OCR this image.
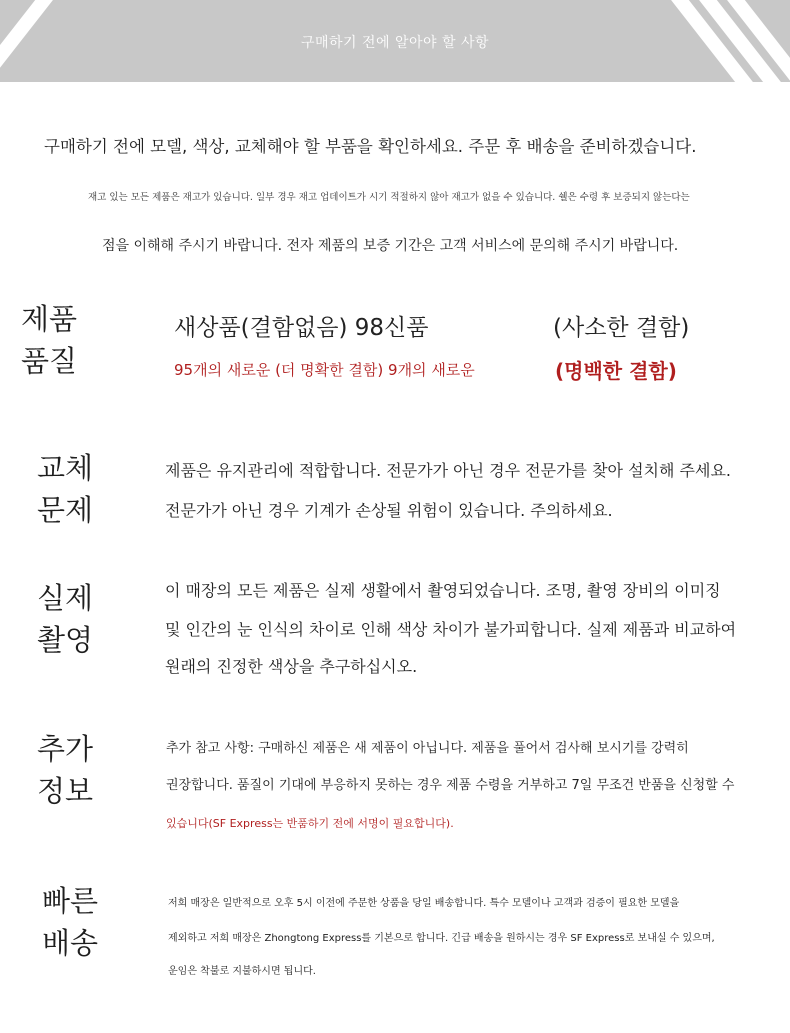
구매하기 전에 알아야 할 사항
구매하기 전에 모델, 색상, 교체해야 할 부품을 확인하세요. 주문 후 배송을 준비하겠습니다.
재고 있는 모든 제품은 재고가 있습니다. 일부 경우 재고 업데이트가 시기 적절하지 않아 재고가 없을 수 있습니다. 쉘은 수령 후 보증되지 않는다는
점을 이해해 주시기 바랍니다. 전자 제품의 보증 기간은 고객 서비스에 문의해 주시기 바랍니다.
제품
품질
새상품(결함없음) 98신품	(사소한 결함)
95개의 새로운 (더 명확한 결함) 9개의 새로운	(명백한 결함)
교체
문제
제품은 유지관리에 적합합니다. 전문가가 아닌 경우 전문가를 찾아 설치해 주세요.
전문가가 아닌 경우 기계가 손상될 위험이 있습니다. 주의하세요.
실제
촬영
이 매장의 모든 제품은 실제 생활에서 촬영되었습니다. 조명, 촬영 장비의 이미징
및 인간의 눈 인식의 차이로 인해 색상 차이가 불가피합니다. 실제 제품과 비교하여
원래의 진정한 색상을 추구하십시오.
추가
정보
추가 참고 사항: 구매하신 제품은 새 제품이 아닙니다. 제품을 풀어서 검사해 보시기를 강력히
권장합니다. 품질이 기대에 부응하지 못하는 경우 제품 수령을 거부하고 7일 무조건 반품을 신청할 수
있습니다(SF Express는 반품하기 전에 서명이 필요합니다).
빠른
배송
저희 매장은 일반적으로 오후 5시 이전에 주문한 상품을 당일 배송합니다. 특수 모델이나 고객과 검증이 필요한 모델을
제외하고 저희 매장은 Zhongtong Express를 기본으로 합니다. 긴급 배송을 원하시는 경우 SF Express로 보내실 수 있으며,
운임은 착불로 지불하시면 됩니다.
